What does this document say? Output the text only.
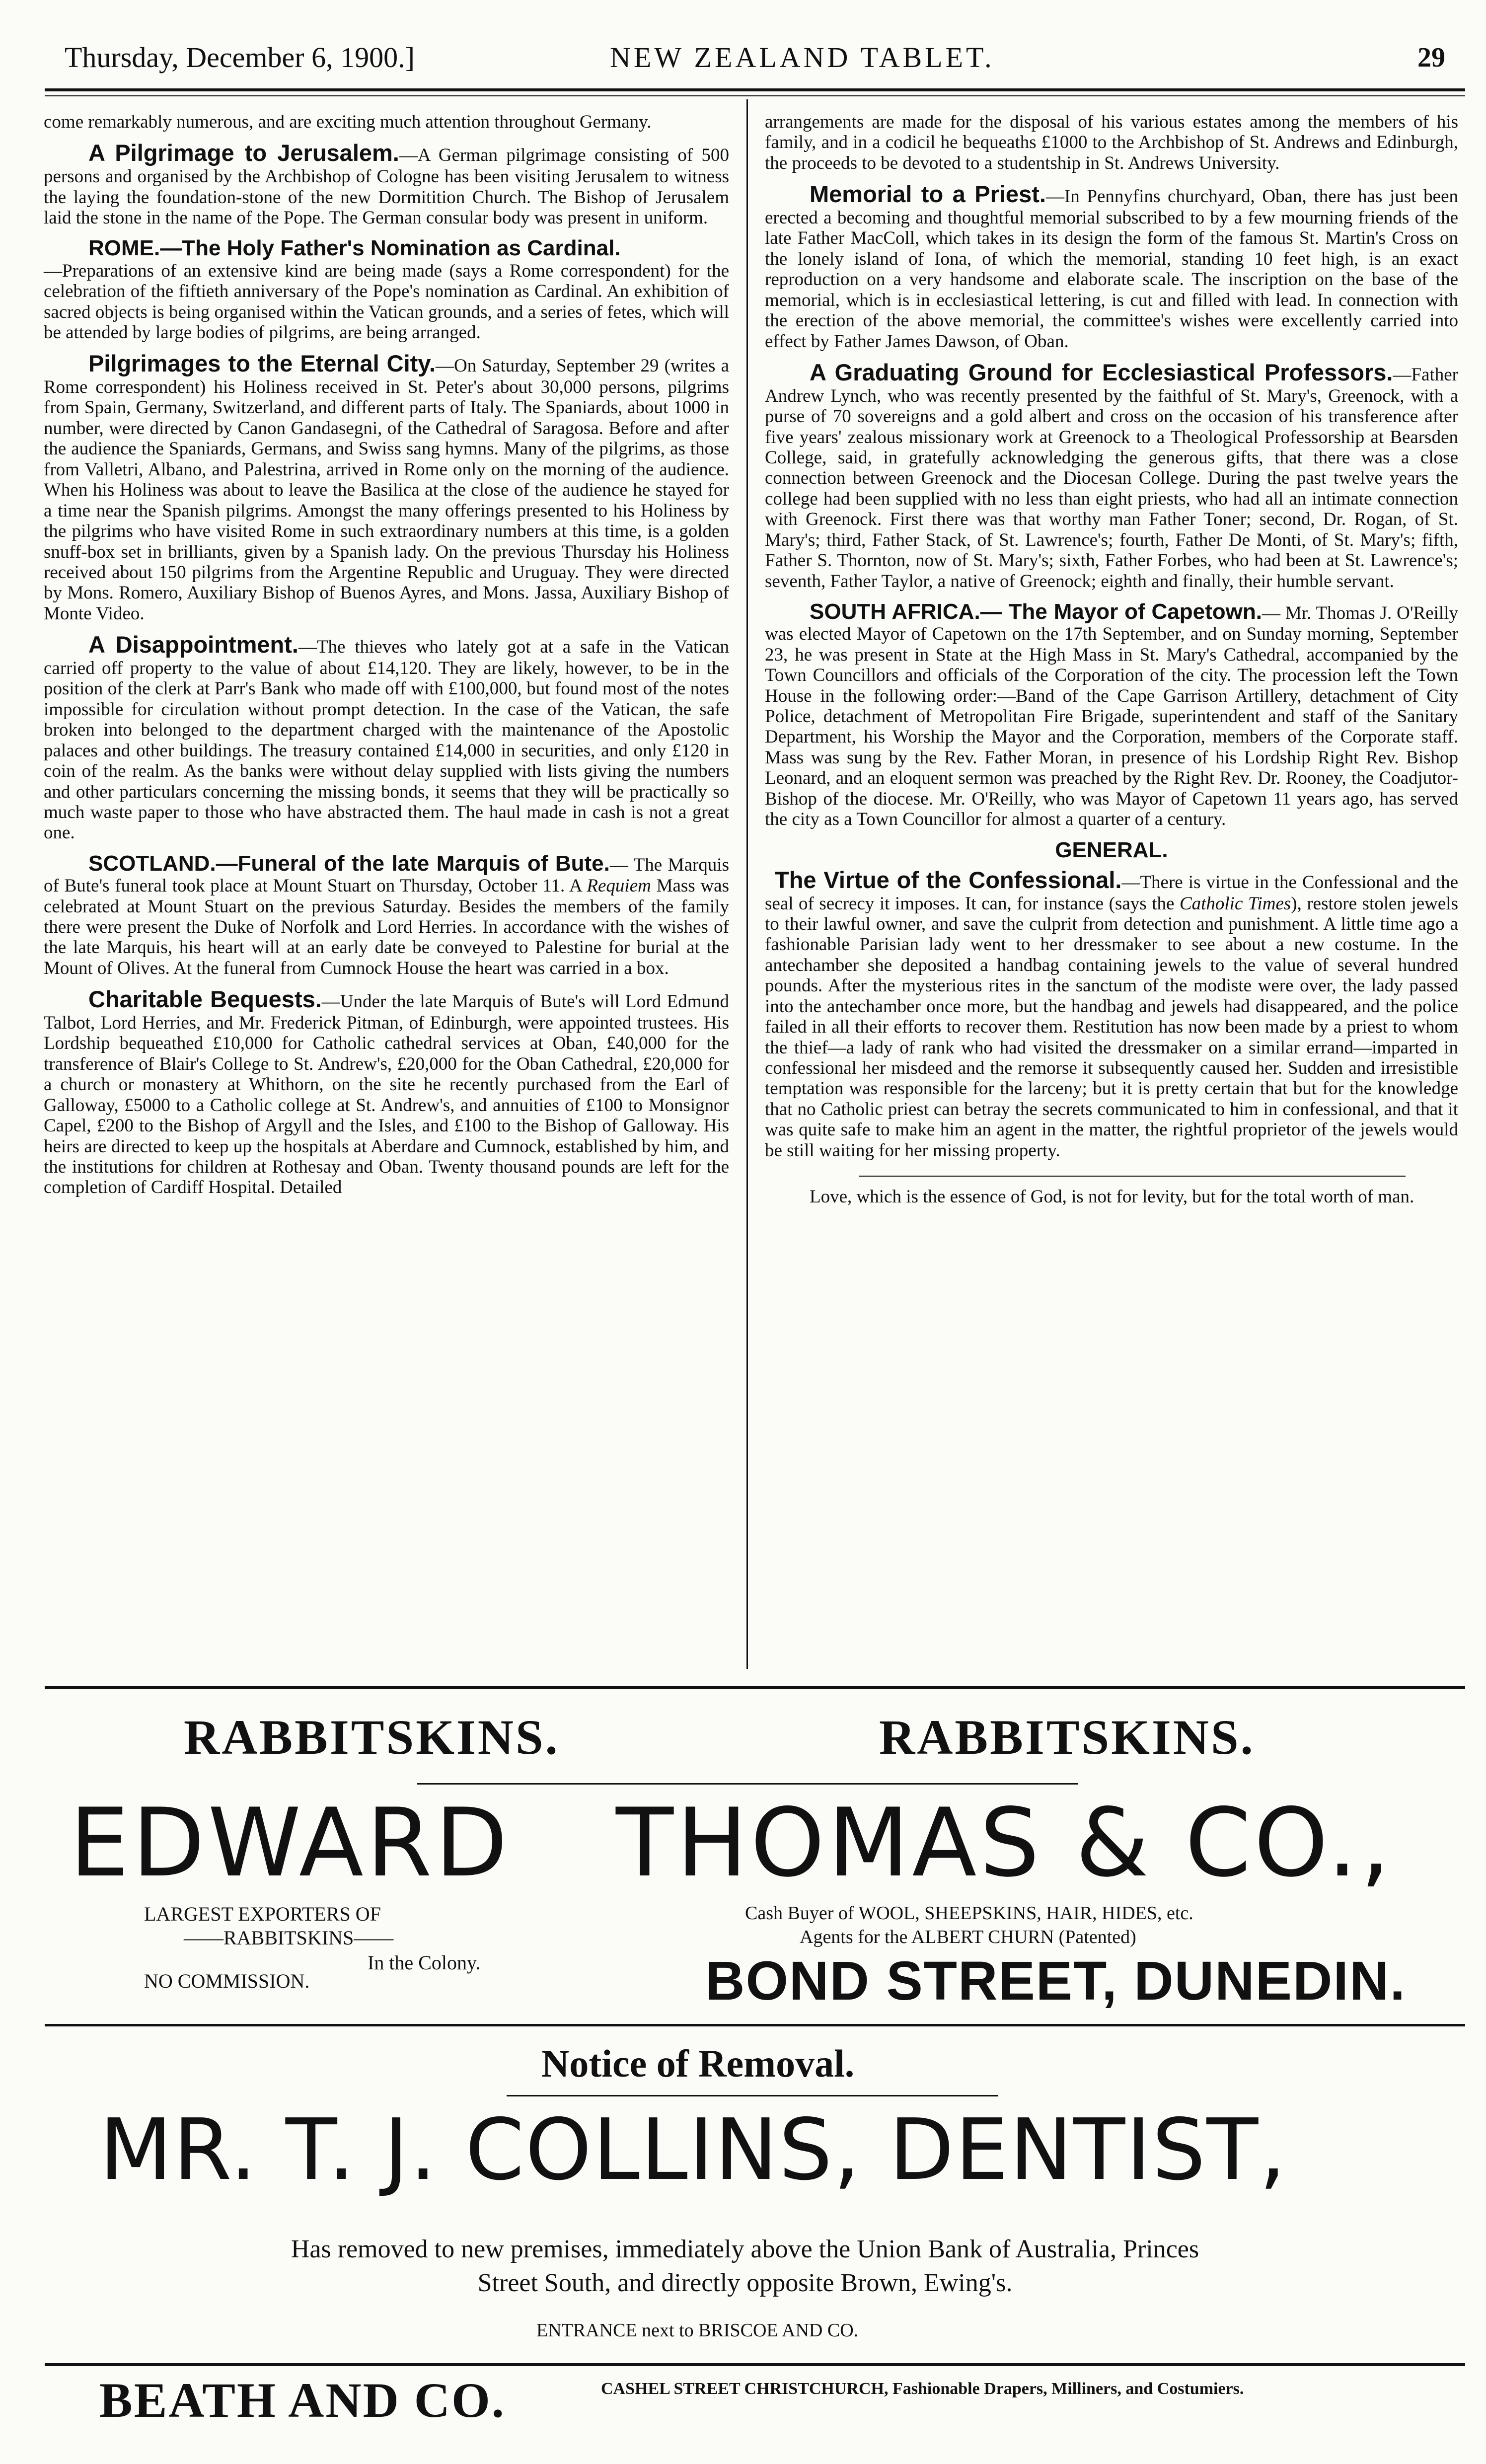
Thursday, December 6, 1900.]	NEW ZEALAND TABLET.	29

come remarkably numerous, and are exciting much attention throughout Germany.

A Pilgrimage to Jerusalem.—A German pilgrimage consisting of 500 persons and organised by the Archbishop of Cologne has been visiting Jerusalem to witness the laying the foundation-stone of the new Dormitition Church. The Bishop of Jerusalem laid the stone in the name of the Pope. The German consular body was present in uniform.

ROME.—The Holy Father's Nomination as Cardinal.
—Preparations of an extensive kind are being made (says a Rome correspondent) for the celebration of the fiftieth anniversary of the Pope's nomination as Cardinal. An exhibition of sacred objects is being organised within the Vatican grounds, and a series of fetes, which will be attended by large bodies of pilgrims, are being arranged.

Pilgrimages to the Eternal City.—On Saturday, September 29 (writes a Rome correspondent) his Holiness received in St. Peter's about 30,000 persons, pilgrims from Spain, Germany, Switzerland, and different parts of Italy. The Spaniards, about 1000 in number, were directed by Canon Gandasegni, of the Cathedral of Saragosa. Before and after the audience the Spaniards, Germans, and Swiss sang hymns. Many of the pilgrims, as those from Valletri, Albano, and Palestrina, arrived in Rome only on the morning of the audience. When his Holiness was about to leave the Basilica at the close of the audience he stayed for a time near the Spanish pilgrims. Amongst the many offerings presented to his Holiness by the pilgrims who have visited Rome in such extraordinary numbers at this time, is a golden snuff-box set in brilliants, given by a Spanish lady. On the previous Thursday his Holiness received about 150 pilgrims from the Argentine Republic and Uruguay. They were directed by Mons. Romero, Auxiliary Bishop of Buenos Ayres, and Mons. Jassa, Auxiliary Bishop of Monte Video.

A Disappointment.—The thieves who lately got at a safe in the Vatican carried off property to the value of about £14,120. They are likely, however, to be in the position of the clerk at Parr's Bank who made off with £100,000, but found most of the notes impossible for circulation without prompt detection. In the case of the Vatican, the safe broken into belonged to the department charged with the maintenance of the Apostolic palaces and other buildings. The treasury contained £14,000 in securities, and only £120 in coin of the realm. As the banks were without delay supplied with lists giving the numbers and other particulars concerning the missing bonds, it seems that they will be practically so much waste paper to those who have abstracted them. The haul made in cash is not a great one.

SCOTLAND.—Funeral of the late Marquis of Bute.— The Marquis of Bute's funeral took place at Mount Stuart on Thursday, October 11. A Requiem Mass was celebrated at Mount Stuart on the previous Saturday. Besides the members of the family there were present the Duke of Norfolk and Lord Herries. In accordance with the wishes of the late Marquis, his heart will at an early date be conveyed to Palestine for burial at the Mount of Olives. At the funeral from Cumnock House the heart was carried in a box.

Charitable Bequests.—Under the late Marquis of Bute's will Lord Edmund Talbot, Lord Herries, and Mr. Frederick Pitman, of Edinburgh, were appointed trustees. His Lordship bequeathed £10,000 for Catholic cathedral services at Oban, £40,000 for the transference of Blair's College to St. Andrew's, £20,000 for the Oban Cathedral, £20,000 for a church or monastery at Whithorn, on the site he recently purchased from the Earl of Galloway, £5000 to a Catholic college at St. Andrew's, and annuities of £100 to Monsignor Capel, £200 to the Bishop of Argyll and the Isles, and £100 to the Bishop of Galloway. His heirs are directed to keep up the hospitals at Aberdare and Cumnock, established by him, and the institutions for children at Rothesay and Oban. Twenty thousand pounds are left for the completion of Cardiff Hospital. Detailed

arrangements are made for the disposal of his various estates among the members of his family, and in a codicil he bequeaths £1000 to the Archbishop of St. Andrews and Edinburgh, the proceeds to be devoted to a studentship in St. Andrews University.

Memorial to a Priest.—In Pennyfins churchyard, Oban, there has just been erected a becoming and thoughtful memorial subscribed to by a few mourning friends of the late Father MacColl, which takes in its design the form of the famous St. Martin's Cross on the lonely island of Iona, of which the memorial, standing 10 feet high, is an exact reproduction on a very handsome and elaborate scale. The inscription on the base of the memorial, which is in ecclesiastical lettering, is cut and filled with lead. In connection with the erection of the above memorial, the committee's wishes were excellently carried into effect by Father James Dawson, of Oban.

A Graduating Ground for Ecclesiastical Professors.—Father Andrew Lynch, who was recently presented by the faithful of St. Mary's, Greenock, with a purse of 70 sovereigns and a gold albert and cross on the occasion of his transference after five years' zealous missionary work at Greenock to a Theological Professorship at Bearsden College, said, in gratefully acknowledging the generous gifts, that there was a close connection between Greenock and the Diocesan College. During the past twelve years the college had been supplied with no less than eight priests, who had all an intimate connection with Greenock. First there was that worthy man Father Toner; second, Dr. Rogan, of St. Mary's; third, Father Stack, of St. Lawrence's; fourth, Father De Monti, of St. Mary's; fifth, Father S. Thornton, now of St. Mary's; sixth, Father Forbes, who had been at St. Lawrence's; seventh, Father Taylor, a native of Greenock; eighth and finally, their humble servant.

SOUTH AFRICA.— The Mayor of Capetown.— Mr. Thomas J. O'Reilly was elected Mayor of Capetown on the 17th September, and on Sunday morning, September 23, he was present in State at the High Mass in St. Mary's Cathedral, accompanied by the Town Councillors and officials of the Corporation of the city. The procession left the Town House in the following order:—Band of the Cape Garrison Artillery, detachment of City Police, detachment of Metropolitan Fire Brigade, superintendent and staff of the Sanitary Department, his Worship the Mayor and the Corporation, members of the Corporate staff. Mass was sung by the Rev. Father Moran, in presence of his Lordship Right Rev. Bishop Leonard, and an eloquent sermon was preached by the Right Rev. Dr. Rooney, the Coadjutor-Bishop of the diocese. Mr. O'Reilly, who was Mayor of Capetown 11 years ago, has served the city as a Town Councillor for almost a quarter of a century.

GENERAL.

The Virtue of the Confessional.—There is virtue in the Confessional and the seal of secrecy it imposes. It can, for instance (says the Catholic Times), restore stolen jewels to their lawful owner, and save the culprit from detection and punishment. A little time ago a fashionable Parisian lady went to her dressmaker to see about a new costume. In the antechamber she deposited a handbag containing jewels to the value of several hundred pounds. After the mysterious rites in the sanctum of the modiste were over, the lady passed into the antechamber once more, but the handbag and jewels had disappeared, and the police failed in all their efforts to recover them. Restitution has now been made by a priest to whom the thief—a lady of rank who had visited the dressmaker on a similar errand—imparted in confessional her misdeed and the remorse it subsequently caused her. Sudden and irresistible temptation was responsible for the larceny; but it is pretty certain that but for the knowledge that no Catholic priest can betray the secrets communicated to him in confessional, and that it was quite safe to make him an agent in the matter, the rightful proprietor of the jewels would be still waiting for her missing property.

Love, which is the essence of God, is not for levity, but for the total worth of man.

RABBITSKINS.	RABBITSKINS.
EDWARD THOMAS & CO.,
LARGEST EXPORTERS OF
——RABBITSKINS——
In the Colony.
NO COMMISSION.
Cash Buyer of WOOL, SHEEPSKINS, HAIR, HIDES, etc.
Agents for the ALBERT CHURN (Patented)
BOND STREET, DUNEDIN.
Notice of Removal.
MR. T. J. COLLINS, DENTIST,
Has removed to new premises, immediately above the Union Bank of Australia, Princes
Street South, and directly opposite Brown, Ewing's.
ENTRANCE next to BRISCOE AND CO.
BEATH AND CO.	CASHEL STREET CHRISTCHURCH, Fashionable Drapers, Milliners, and Costumiers.
